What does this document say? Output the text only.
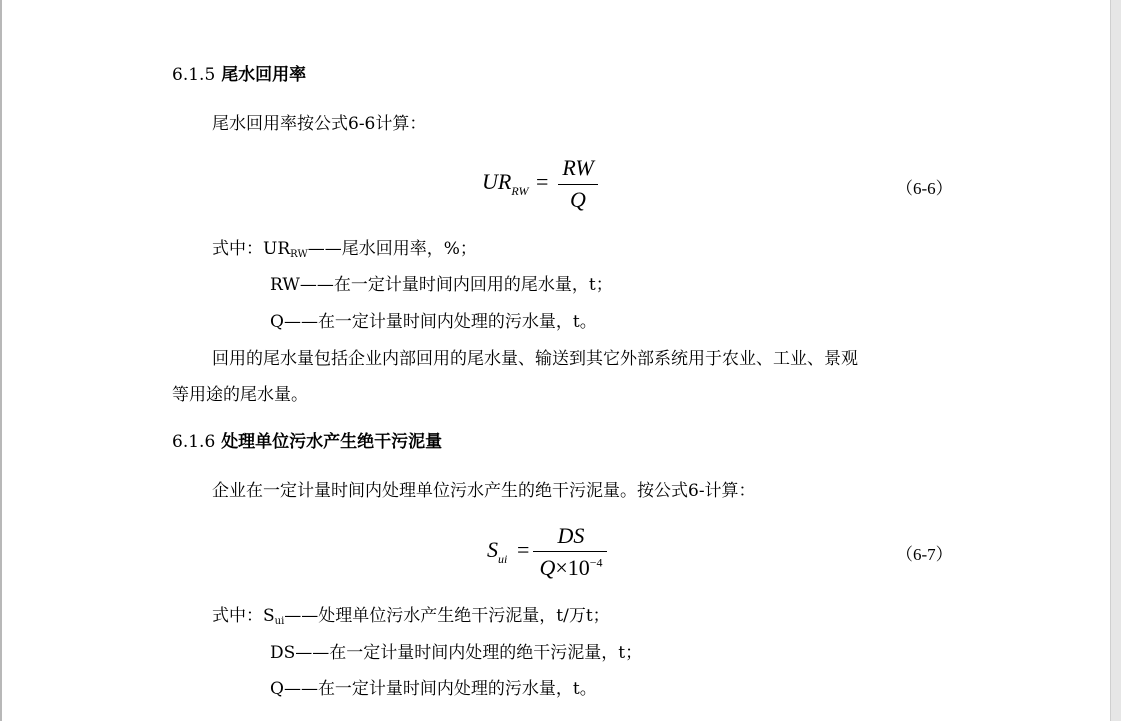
6.1.5 尾水回用率
尾水回用率按公式6-6计算：
$UR_{RW}$ =
RW
Q	（6-6）
式中：$UR_{RW}——$尾水回用率，%；
RW——在一定计量时间内回用的尾水量，t；
Q——在一定计量时间内处理的污水量，t。
回用的尾水量包括企业内部回用的尾水量、输送到其它外部系统用于农业、工业、景观
等用途的尾水量。
6.1.6 处理单位污水产生绝干污泥量
企业在一定计量时间内处理单位污水产生的绝干污泥量。按公式6-计算：
$S_{ui}$ =
DS
$Q\times 10^{-4}$	（6-7）
式中：$S_{ui}——$处理单位污水产生绝干污泥量，t/万t；
DS——在一定计量时间内处理的绝干污泥量，t；
Q——在一定计量时间内处理的污水量，t。
